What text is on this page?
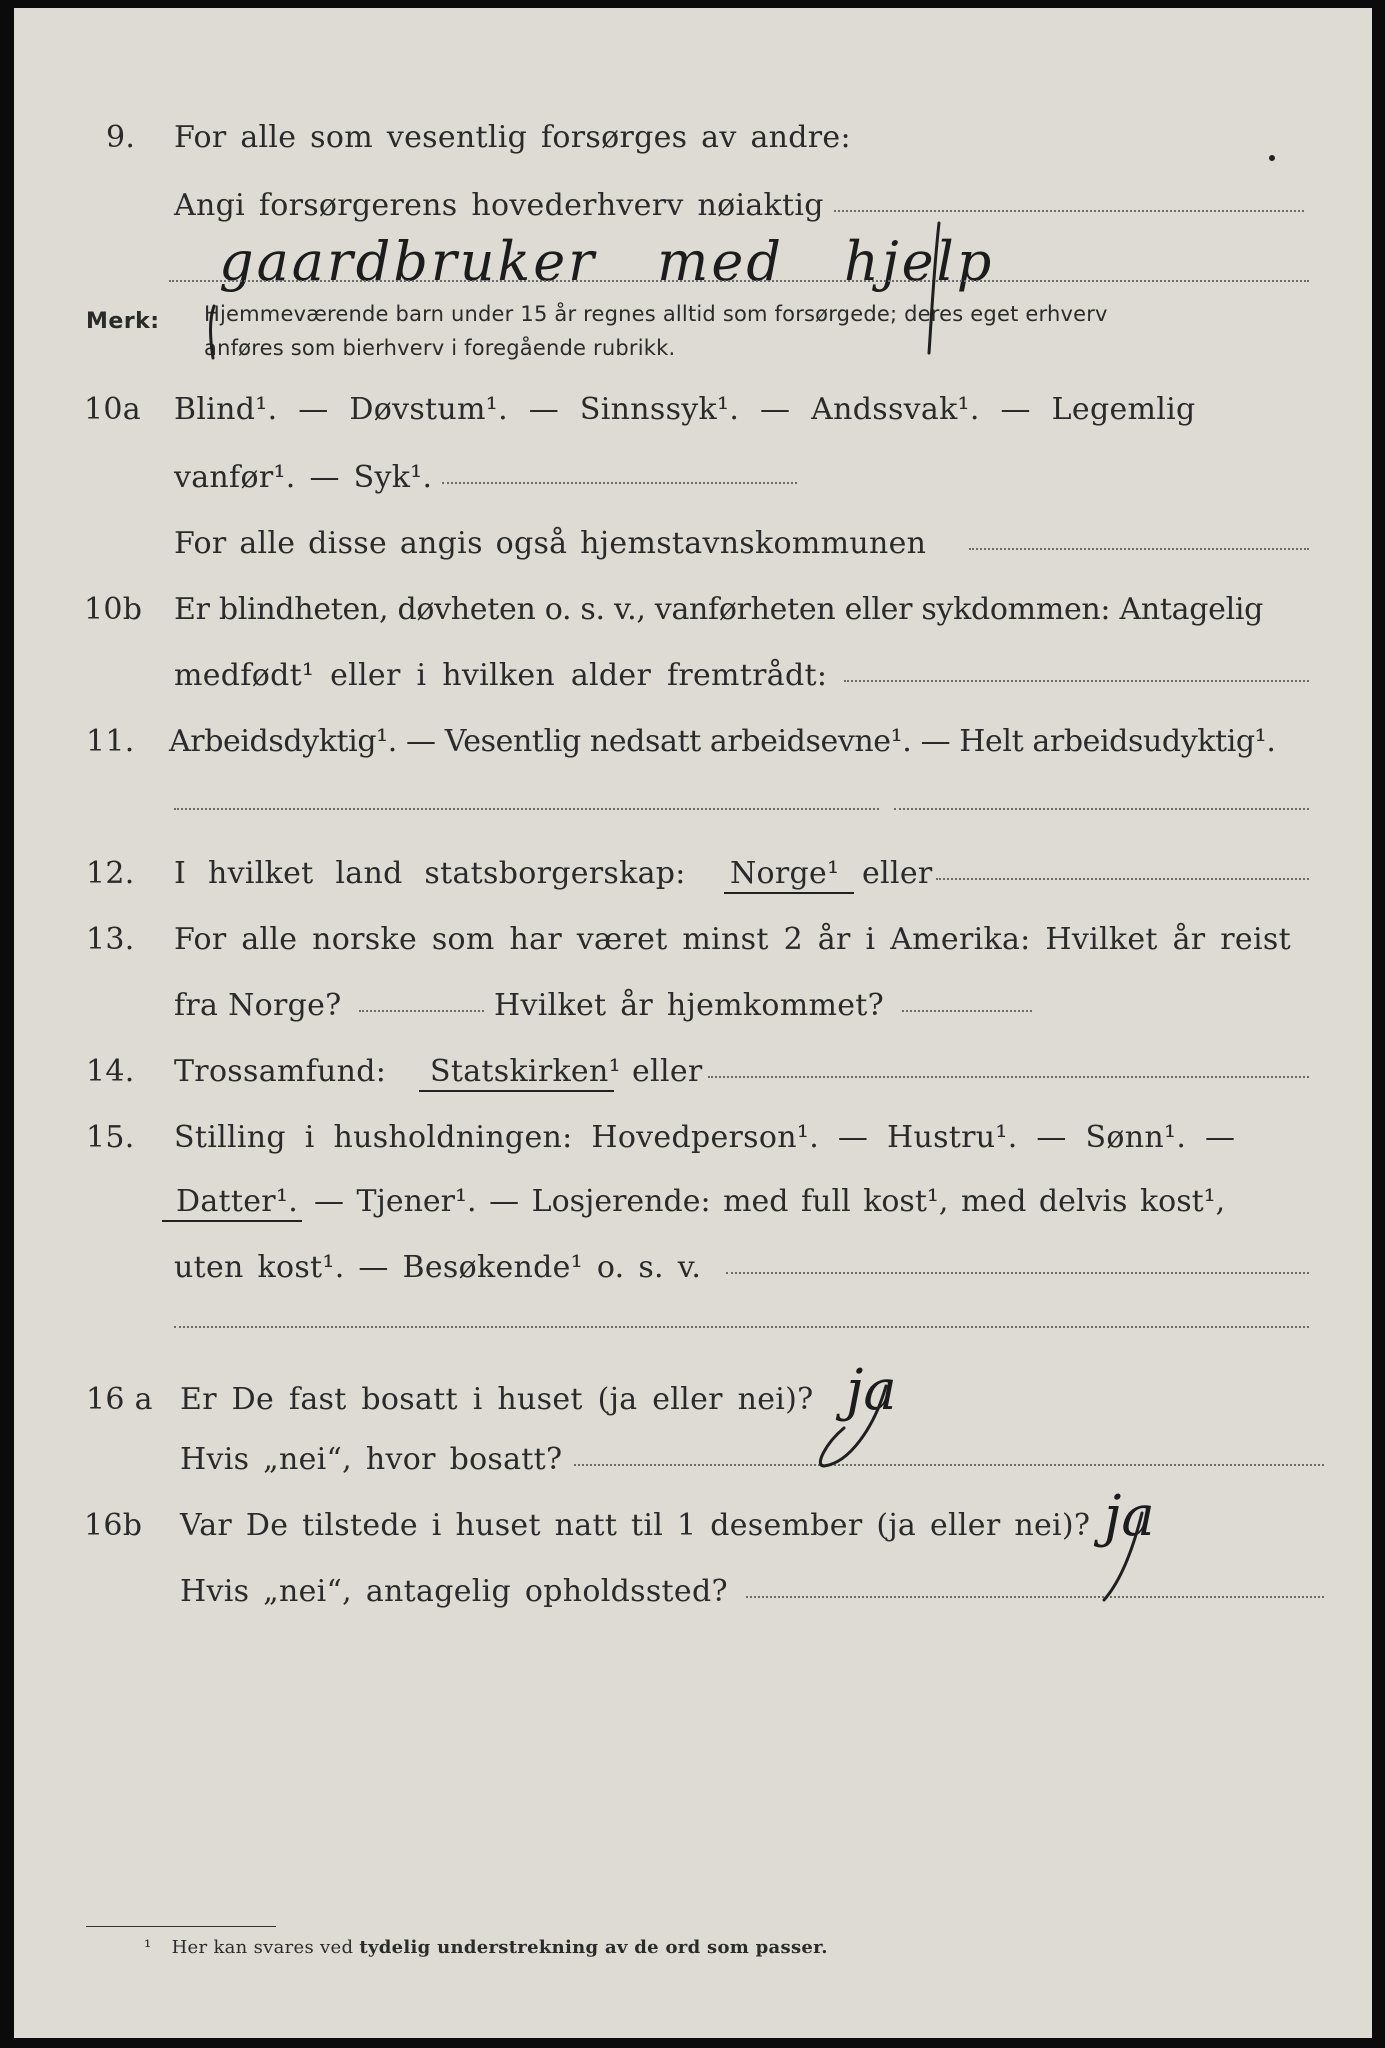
9. For alle som vesentlig forsørges av andre:
Angi forsørgerens hovederhverv nøiaktig
gaardbruker med hjelp
Merk: Hjemmeværende barn under 15 år regnes alltid som forsørgede; deres eget erhverv
anføres som bierhverv i foregående rubrikk.
10a Blind¹. — Døvstum¹. — Sinnssyk¹. — Andssvak¹. — Legemlig
vanfør¹. — Syk¹.
For alle disse angis også hjemstavnskommunen
10b Er blindheten, døvheten o. s. v., vanførheten eller sykdommen: Antagelig
medfødt¹ eller i hvilken alder fremtrådt:
11. Arbeidsdyktig¹. — Vesentlig nedsatt arbeidsevne¹. — Helt arbeidsudyktig¹.
12. I hvilket land statsborgerskap: Norge¹ eller
13. For alle norske som har været minst 2 år i Amerika: Hvilket år reist
fra Norge?	Hvilket år hjemkommet?
14. Trossamfund: Statskirken¹ eller
15. Stilling i husholdningen: Hovedperson¹. — Hustru¹. — Sønn¹. —
Datter¹. — Tjener¹. — Losjerende: med full kost¹, med delvis kost¹,
uten kost¹. — Besøkende¹ o. s. v.
16 a Er De fast bosatt i huset (ja eller nei)? ja
Hvis „nei“, hvor bosatt?
16b Var De tilstede i huset natt til 1 desember (ja eller nei)? ja
Hvis „nei“, antagelig opholdssted?
¹ Her kan svares ved tydelig understrekning av de ord som passer.
